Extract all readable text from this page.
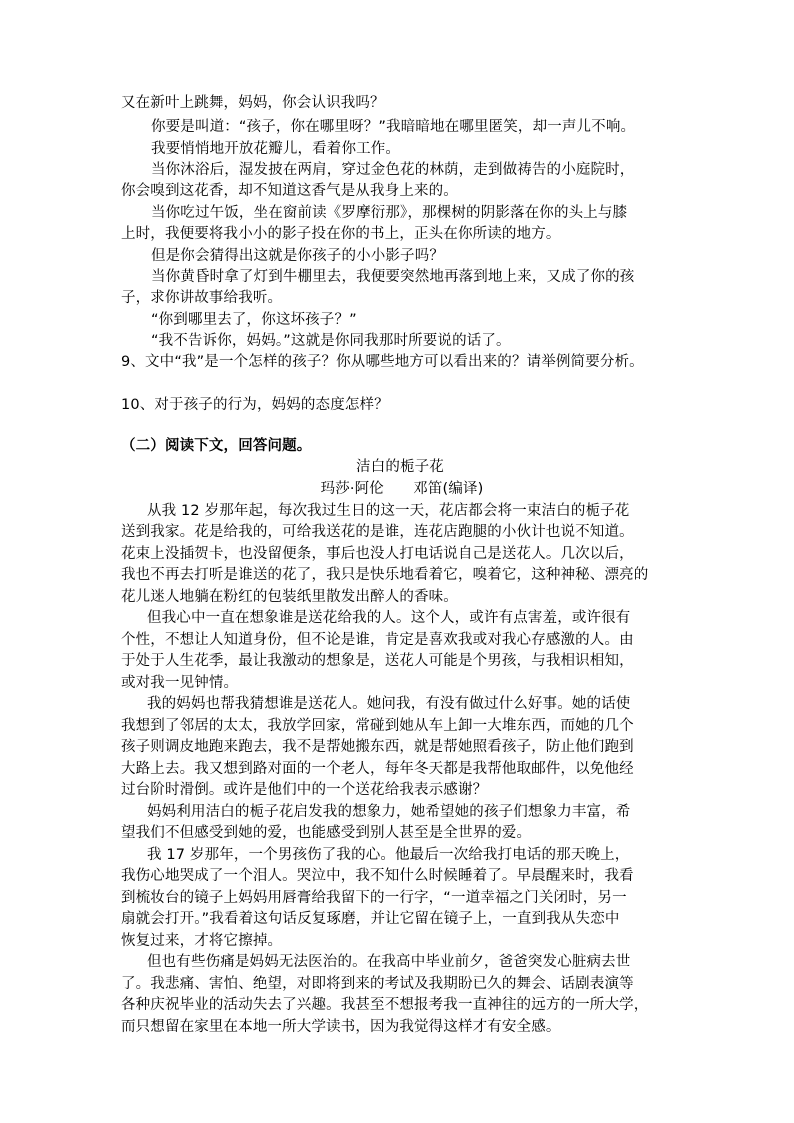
又在新叶上跳舞，妈妈，你会认识我吗？
你要是叫道：“孩子，你在哪里呀？”我暗暗地在哪里匿笑，却一声儿不响。
我要悄悄地开放花瓣儿，看着你工作。
当你沐浴后，湿发披在两肩，穿过金色花的林荫，走到做祷告的小庭院时，
你会嗅到这花香，却不知道这香气是从我身上来的。
当你吃过午饭，坐在窗前读《罗摩衍那》，那棵树的阴影落在你的头上与膝
上时，我便要将我小小的影子投在你的书上，正头在你所读的地方。
但是你会猜得出这就是你孩子的小小影子吗？
当你黄昏时拿了灯到牛棚里去，我便要突然地再落到地上来，又成了你的孩
子，求你讲故事给我听。
“你到哪里去了，你这坏孩子？”
“我不告诉你，妈妈。”这就是你同我那时所要说的话了。
9、文中“我”是一个怎样的孩子？你从哪些地方可以看出来的？请举例简要分析。
10、对于孩子的行为，妈妈的态度怎样？
（二）阅读下文，回答问题。
洁白的栀子花
玛莎·阿伦　　邓笛(编译)
从我 12 岁那年起，每次我过生日的这一天，花店都会将一束洁白的栀子花
送到我家。花是给我的，可给我送花的是谁，连花店跑腿的小伙计也说不知道。
花束上没插贺卡，也没留便条，事后也没人打电话说自己是送花人。几次以后，
我也不再去打听是谁送的花了，我只是快乐地看着它，嗅着它，这种神秘、漂亮的
花儿迷人地躺在粉红的包装纸里散发出醉人的香味。
但我心中一直在想象谁是送花给我的人。这个人，或许有点害羞，或许很有
个性，不想让人知道身份，但不论是谁，肯定是喜欢我或对我心存感激的人。由
于处于人生花季，最让我激动的想象是，送花人可能是个男孩，与我相识相知，
或对我一见钟情。
我的妈妈也帮我猜想谁是送花人。她问我，有没有做过什么好事。她的话使
我想到了邻居的太太，我放学回家，常碰到她从车上卸一大堆东西，而她的几个
孩子则调皮地跑来跑去，我不是帮她搬东西，就是帮她照看孩子，防止他们跑到
大路上去。我又想到路对面的一个老人，每年冬天都是我帮他取邮件，以免他经
过台阶时滑倒。或许是他们中的一个送花给我表示感谢？
妈妈利用洁白的栀子花启发我的想象力，她希望她的孩子们想象力丰富，希
望我们不但感受到她的爱，也能感受到别人甚至是全世界的爱。
我 17 岁那年，一个男孩伤了我的心。他最后一次给我打电话的那天晚上，
我伤心地哭成了一个泪人。哭泣中，我不知什么时候睡着了。早晨醒来时，我看
到梳妆台的镜子上妈妈用唇膏给我留下的一行字，“一道幸福之门关闭时，另一
扇就会打开。”我看着这句话反复琢磨，并让它留在镜子上，一直到我从失恋中
恢复过来，才将它擦掉。
但也有些伤痛是妈妈无法医治的。在我高中毕业前夕，爸爸突发心脏病去世
了。我悲痛、害怕、绝望，对即将到来的考试及我期盼已久的舞会、话剧表演等
各种庆祝毕业的活动失去了兴趣。我甚至不想报考我一直神往的远方的一所大学，
而只想留在家里在本地一所大学读书，因为我觉得这样才有安全感。
